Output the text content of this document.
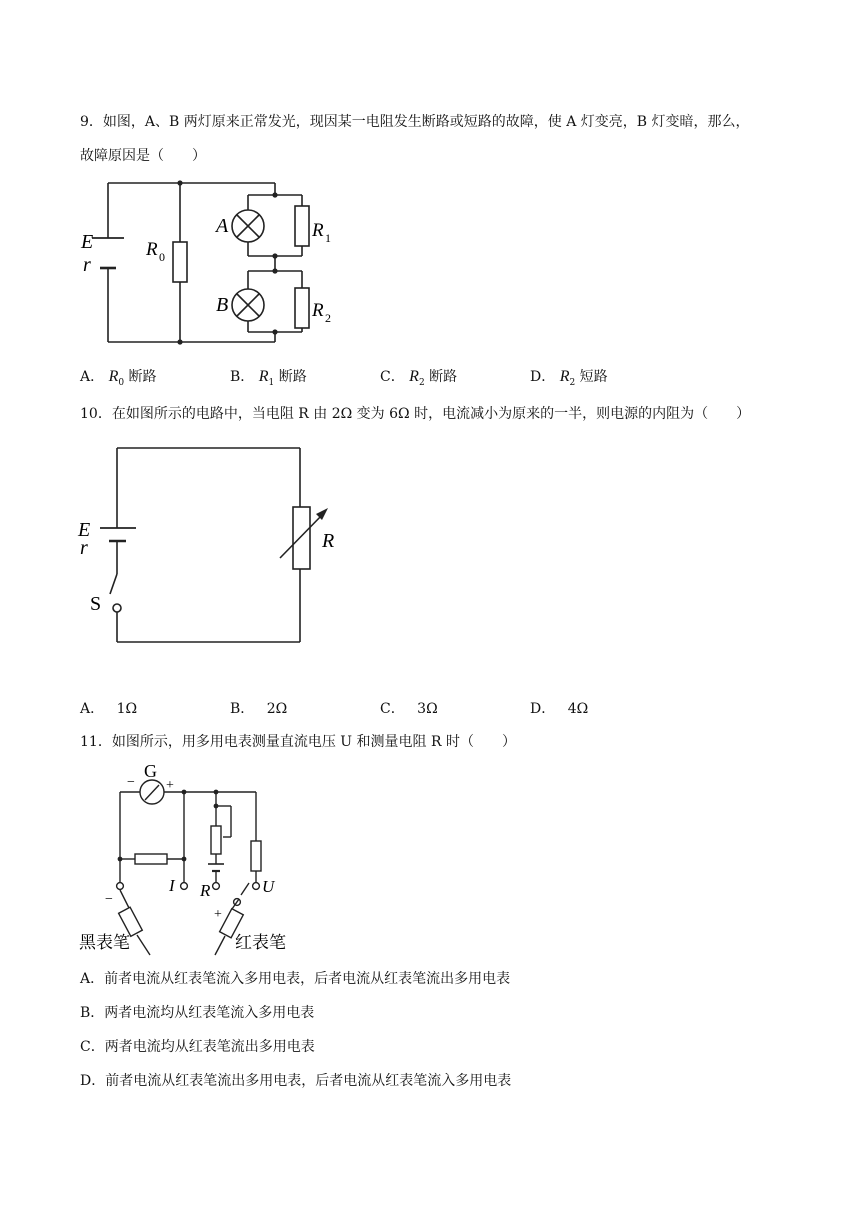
9．如图，A、B 两灯原来正常发光，现因某一电阻发生断路或短路的故障，使 A 灯变亮，B 灯变暗，那么，
故障原因是（　　）
E
r
R 0
A	R 1
B	R 2
A． $R_0$ 断路	B． $R_1$ 断路	C． $R_2$ 断路	D． $R_2$ 短路
10．在如图所示的电路中，当电阻 R 由 2Ω 变为 6Ω 时，电流减小为原来的一半，则电源的内阻为（　　）
E
r
S
R
A． 1Ω	B． 2Ω	C． 3Ω	D． 4Ω
11．如图所示，用多用电表测量直流电压 U 和测量电阻 R 时（　　）
G
− +
I R	U
−
+
黑表笔	红表笔
A．前者电流从红表笔流入多用电表，后者电流从红表笔流出多用电表
B．两者电流均从红表笔流入多用电表
C．两者电流均从红表笔流出多用电表
D．前者电流从红表笔流出多用电表，后者电流从红表笔流入多用电表
